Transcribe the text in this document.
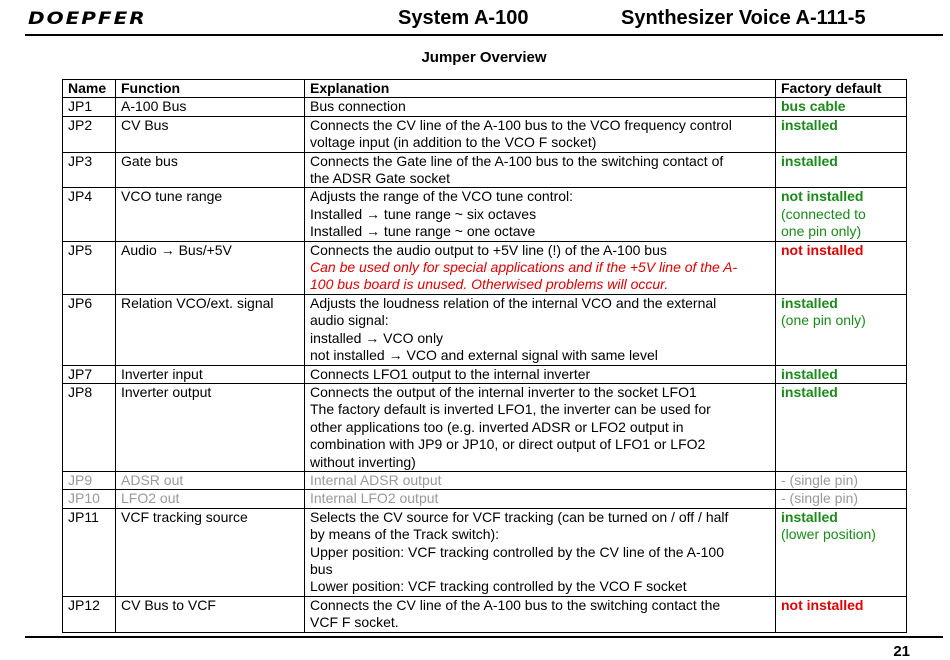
DOEPFER	System A-100	Synthesizer Voice A-111-5
Jumper Overview
Name	Function	Explanation	Factory default
JP1	A-100 Bus	Bus connection	bus cable

JP2	CV Bus	Connects the CV line of the A-100 bus to the VCO frequency control
voltage input (in addition to the VCO F socket)	installed

JP3	Gate bus	Connects the Gate line of the A-100 bus to the switching contact of
the ADSR Gate socket	installed

JP4	VCO tune range	Adjusts the range of the VCO tune control:
Installed → tune range ~ six octaves
Installed → tune range ~ one octave	not installed
(connected to
one pin only)

JP5	Audio → Bus/+5V	Connects the audio output to +5V line (!) of the A-100 bus
Can be used only for special applications and if the +5V line of the A-
100 bus board is unused. Otherwised problems will occur.	not installed

JP6	Relation VCO/ext. signal	Adjusts the loudness relation of the internal VCO and the external
audio signal:
installed → VCO only
not installed → VCO and external signal with same level	installed
(one pin only)

JP7	Inverter input	Connects LFO1 output to the internal inverter	installed

JP8	Inverter output	Connects the output of the internal inverter to the socket LFO1
The factory default is inverted LFO1, the inverter can be used for
other applications too (e.g. inverted ADSR or LFO2 output in
combination with JP9 or JP10, or direct output of LFO1 or LFO2
without inverting)	installed

JP9	ADSR out	Internal ADSR output	- (single pin)

JP10	LFO2 out	Internal LFO2 output	- (single pin)

JP11	VCF tracking source	Selects the CV source for VCF tracking (can be turned on / off / half
by means of the Track switch):
Upper position: VCF tracking controlled by the CV line of the A-100
bus
Lower position: VCF tracking controlled by the VCO F socket	installed
(lower position)

JP12	CV Bus to VCF	Connects the CV line of the A-100 bus to the switching contact the
VCF F socket.	not installed
21
